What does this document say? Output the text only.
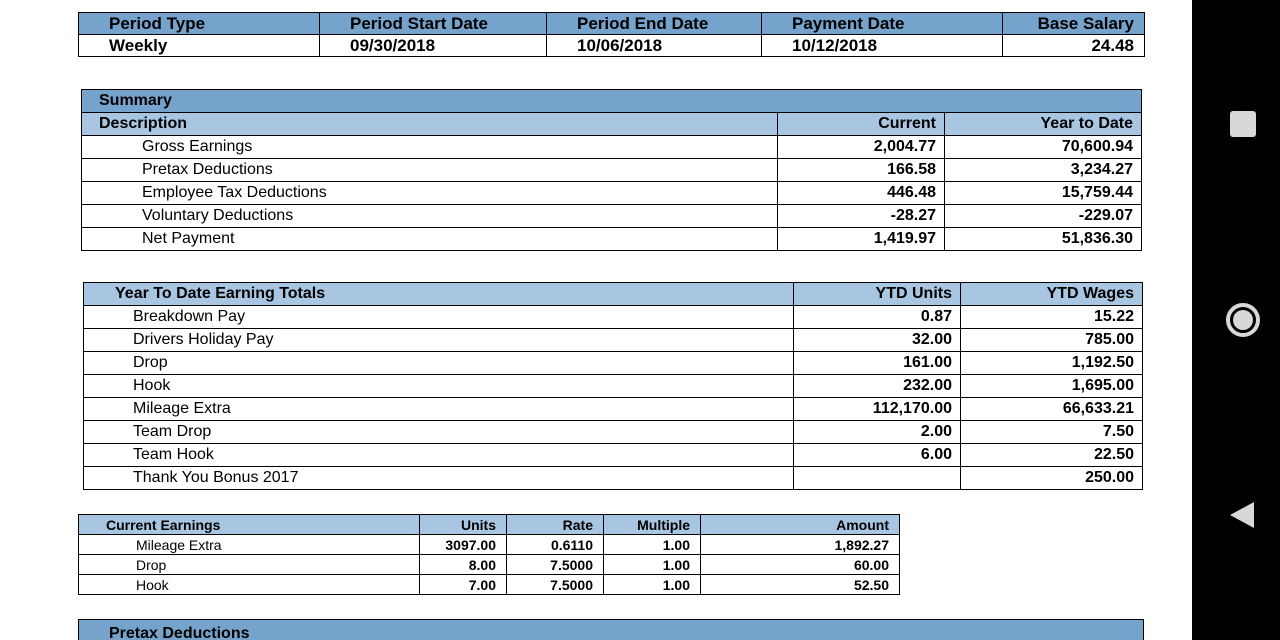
Period Type	Period Start Date	Period End Date	Payment Date	Base Salary
Weekly	09/30/2018	10/06/2018	10/12/2018	24.48
Summary		
Description	Current	Year to Date
Gross Earnings	2,004.77	70,600.94
Pretax Deductions	166.58	3,234.27
Employee Tax Deductions	446.48	15,759.44
Voluntary Deductions	-28.27	-229.07
Net Payment	1,419.97	51,836.30
Year To Date Earning Totals	YTD Units	YTD Wages
Breakdown Pay	0.87	15.22
Drivers Holiday Pay	32.00	785.00
Drop	161.00	1,192.50
Hook	232.00	1,695.00
Mileage Extra	112,170.00	66,633.21
Team Drop	2.00	7.50
Team Hook	6.00	22.50
Thank You Bonus 2017		250.00
Current Earnings	Units	Rate	Multiple	Amount
Mileage Extra	3097.00	0.6110	1.00	1,892.27
Drop	8.00	7.5000	1.00	60.00
Hook	7.00	7.5000	1.00	52.50
Pretax Deductions
